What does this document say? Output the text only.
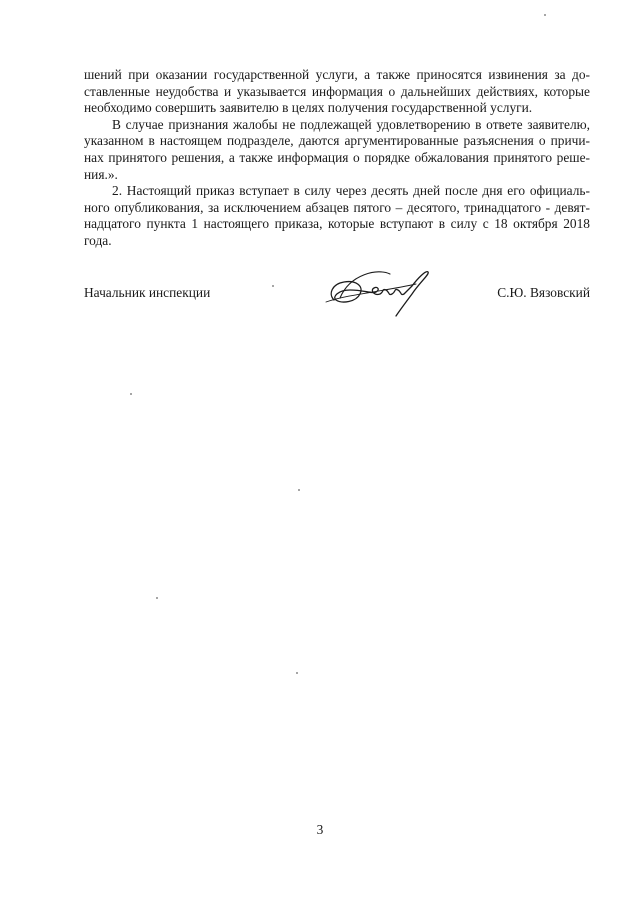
шений при оказании государственной услуги, а также приносятся извинения за до-
ставленные неудобства и указывается информация о дальнейших действиях, которые
необходимо совершить заявителю в целях получения государственной услуги.
В случае признания жалобы не подлежащей удовлетворению в ответе заявителю,
указанном в настоящем подразделе, даются аргументированные разъяснения о причи-
нах принятого решения, а также информация о порядке обжалования принятого реше-
ния.».
2. Настоящий приказ вступает в силу через десять дней после дня его официаль-
ного опубликования, за исключением абзацев пятого – десятого, тринадцатого - девят-
надцатого пункта 1 настоящего приказа, которые вступают в силу с 18 октября 2018
года.
Начальник инспекции	С.Ю. Вязовский
3
